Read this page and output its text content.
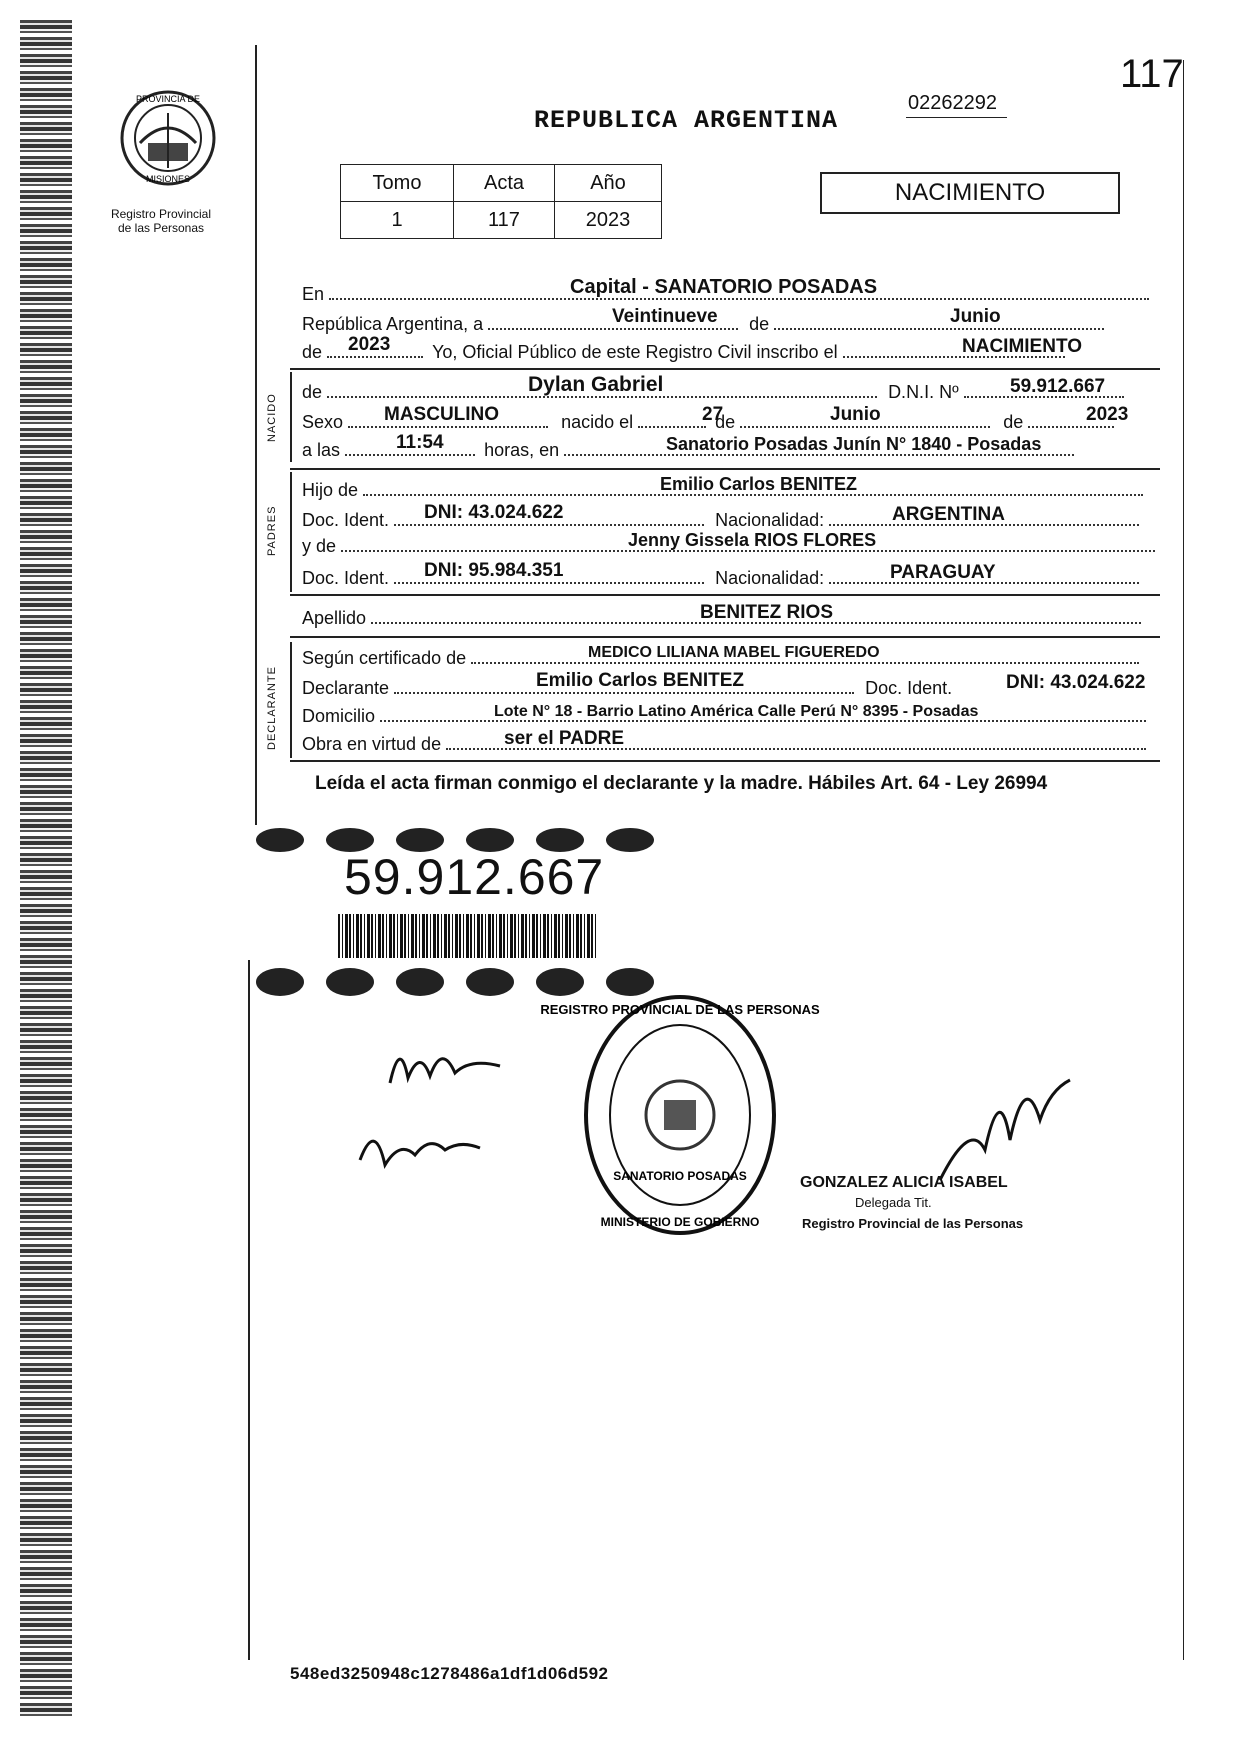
PROVINCIA DE
MISIONES
Registro Provincial
de las Personas
117
REPUBLICA ARGENTINA
02262292
Tomo	Acta	Año
1	117	2023
NACIMIENTO
En	Capital - SANATORIO POSADAS
República Argentina, a	de
Veintinueve	Junio
de	Yo, Oficial Público de este Registro Civil inscribo el
2023	NACIMIENTO
NACIDO
de	D.N.I. Nº
Dylan Gabriel	59.912.667
Sexo	nacido el	de	de
MASCULINO	27	Junio	2023
a las	horas, en
11:54	Sanatorio Posadas Junín N° 1840 - Posadas
PADRES
Hijo de	Emilio Carlos BENITEZ
Doc. Ident.	Nacionalidad:
DNI: 43.024.622	ARGENTINA
y de	Jenny Gissela RIOS FLORES
Doc. Ident.	Nacionalidad:
DNI: 95.984.351	PARAGUAY
Apellido	BENITEZ RIOS
DECLARANTE
Según certificado de	MEDICO LILIANA MABEL FIGUEREDO
Declarante	Doc. Ident.
Emilio Carlos BENITEZ	DNI: 43.024.622
Domicilio	Lote N° 18 - Barrio Latino América Calle Perú N° 8395 - Posadas
Obra en virtud de	ser el PADRE
Leída el acta firman conmigo el declarante y la madre. Hábiles Art. 64 - Ley 26994
59.912.667
REGISTRO PROVINCIAL DE LAS PERSONAS
SANATORIO POSADAS
MINISTERIO DE GOBIERNO
GONZALEZ ALICIA ISABEL
Delegada Tit.
Registro Provincial de las Personas
548ed3250948c1278486a1df1d06d592
